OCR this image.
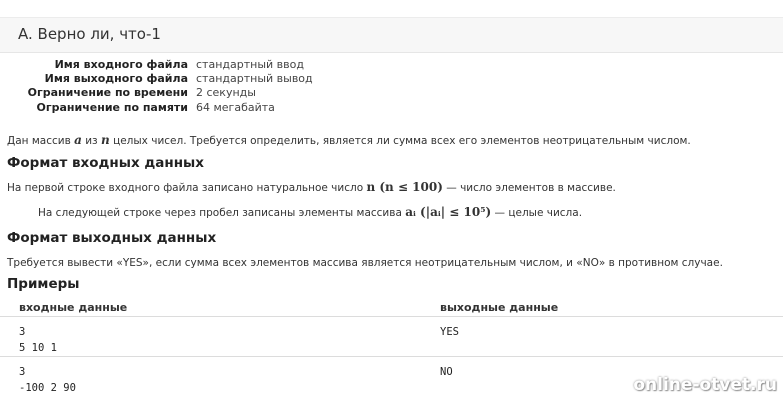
A. Верно ли, что-1
Имя входного файла стандартный ввод
Имя выходного файла стандартный вывод
Ограничение по времени 2 секунды
Ограничение по памяти 64 мегабайта
Дан массив a из n целых чисел. Требуется определить, является ли сумма всех его элементов неотрицательным числом.
Формат входных данных
На первой строке входного файла записано натуральное число n (n ≤ 100) — число элементов в массиве.
На следующей строке через пробел записаны элементы массива aᵢ (|aᵢ| ≤ 10⁵) — целые числа.
Формат выходных данных
Требуется вывести «YES», если сумма всех элементов массива является неотрицательным числом, и «NO» в противном случае.
Примеры
входные данные	выходные данные
3
5 10 1
YES
3
-100 2 90
NO
online-otvet.ru
